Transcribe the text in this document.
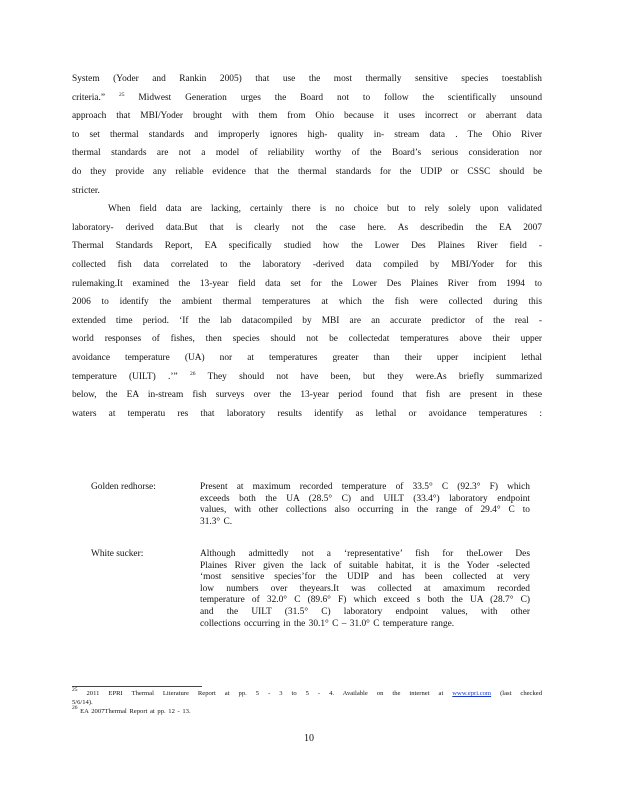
System (Yoder and Rankin 2005) that use the most thermally sensitive species toestablish
criteria.”	$^{25}$ Midwest Generation urges the Board not to follow the scientifically unsound
approach that MBI/Yoder brought with them from Ohio because it uses incorrect or aberrant data
to set thermal standards and improperly ignores high- quality in- stream data . The Ohio River
thermal standards are not a model of reliability worthy of the Board’s serious consideration nor
do they provide any reliable evidence that the thermal standards for the UDIP or CSSC should be
stricter.
When field data are lacking, certainly there is no choice but to rely solely upon validated
laboratory- derived data.But that is clearly not the case here. As describedin the EA 2007
Thermal Standards Report, EA specifically studied how the Lower Des Plaines River field -
collected fish data correlated to the laboratory -derived data compiled by MBI/Yoder for this
rulemaking.It examined the 13-year field data set for the Lower Des Plaines River from 1994 to
2006 to identify the ambient thermal temperatures at which the fish were collected during this
extended time period. ‘If the lab datacompiled by MBI are an accurate predictor of the real -
world responses of fishes, then species should not be collectedat temperatures above their upper
avoidance temperature (UA) nor at temperatures greater than their upper incipient lethal
temperature (UILT) .’” $^{26}$ They should not have been, but they were.As briefly summarized
below, the EA in-stream fish surveys over the 13-year period found that fish are present in these
waters at temperatu res that laboratory results identify as lethal or avoidance temperatures :
Golden redhorse:	Present at maximum recorded temperature of 33.5° C (92.3° F) which
exceeds both the UA (28.5° C) and UILT (33.4°) laboratory endpoint
values, with other collections also occurring in the range of 29.4° C to
31.3° C.
White sucker:	Although admittedly not a ‘representative’ fish for theLower Des
Plaines River given the lack of suitable habitat, it is the Yoder -selected
‘most sensitive species’for the UDIP and has been collected at very
low numbers over theyears.It was collected at amaximum recorded
temperature of 32.0° C (89.6° F) which exceed s both the UA (28.7° C)
and the UILT (31.5° C) laboratory endpoint values, with other
collections occurring in the 30.1° C – 31.0° C temperature range.
$^{25}$ 2011 EPRI Thermal Literature Report at pp. 5 - 3 to 5 - 4. Available on the internet at www.epri.com (last checked
5/6/14).
$^{26}$ EA 2007Thermal Report at pp. 12 - 13.
10
